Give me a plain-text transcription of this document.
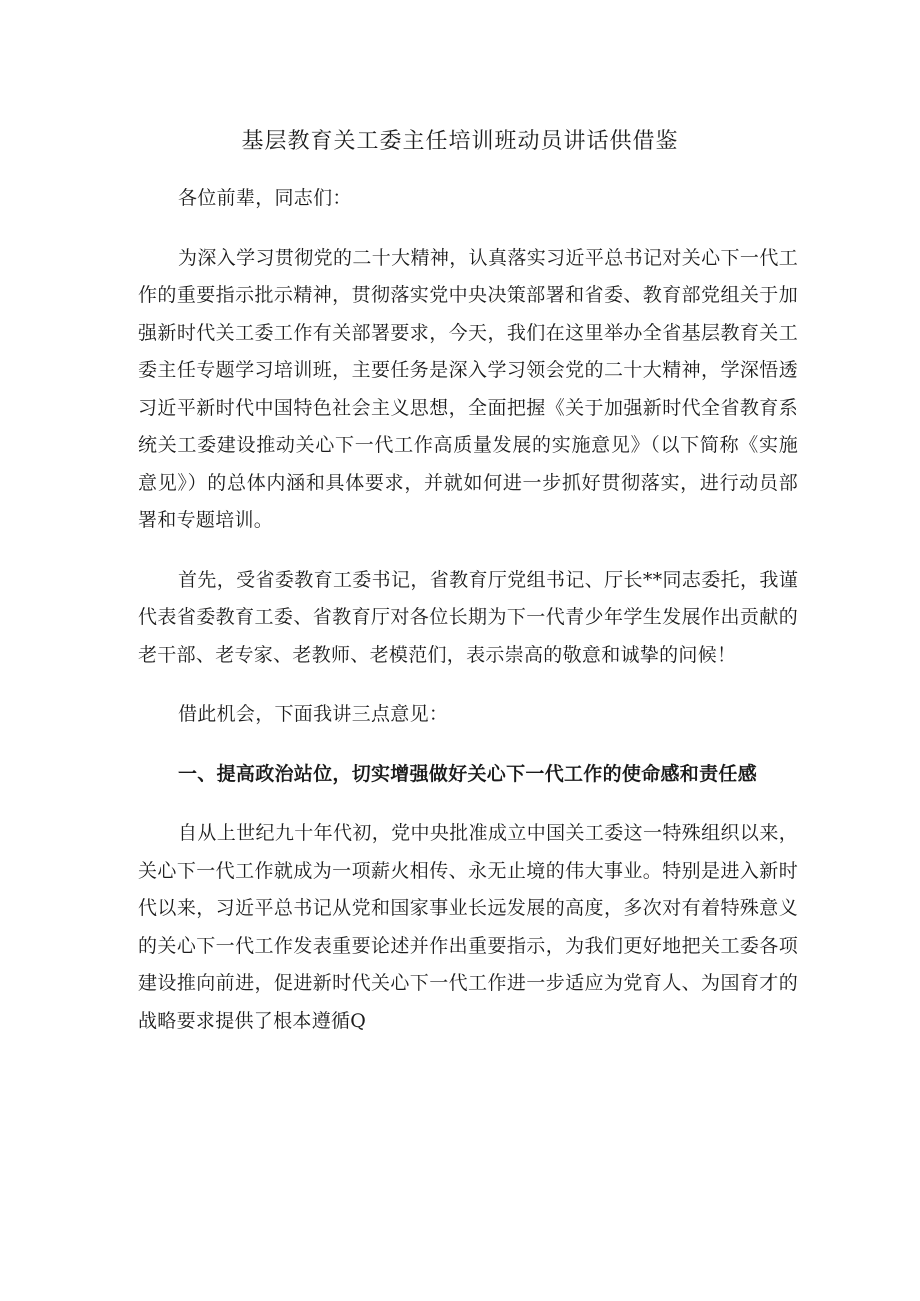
基层教育关工委主任培训班动员讲话供借鉴

各位前辈，同志们：

为深入学习贯彻党的二十大精神，认真落实习近平总书记对关心下一代工作的重要指示批示精神，贯彻落实党中央决策部署和省委、教育部党组关于加强新时代关工委工作有关部署要求，今天，我们在这里举办全省基层教育关工委主任专题学习培训班，主要任务是深入学习领会党的二十大精神，学深悟透习近平新时代中国特色社会主义思想，全面把握《关于加强新时代全省教育系统关工委建设推动关心下一代工作高质量发展的实施意见》（以下简称《实施意见》）的总体内涵和具体要求，并就如何进一步抓好贯彻落实，进行动员部署和专题培训。

首先，受省委教育工委书记，省教育厅党组书记、厅长**同志委托，我谨代表省委教育工委、省教育厅对各位长期为下一代青少年学生发展作出贡献的老干部、老专家、老教师、老模范们，表示崇高的敬意和诚挚的问候！

借此机会，下面我讲三点意见：

一、提高政治站位，切实增强做好关心下一代工作的使命感和责任感

自从上世纪九十年代初，党中央批准成立中国关工委这一特殊组织以来，关心下一代工作就成为一项薪火相传、永无止境的伟大事业。特别是进入新时代以来，习近平总书记从党和国家事业长远发展的高度，多次对有着特殊意义的关心下一代工作发表重要论述并作出重要指示，为我们更好地把关工委各项建设推向前进，促进新时代关心下一代工作进一步适应为党育人、为国育才的战略要求提供了根本遵循Q
